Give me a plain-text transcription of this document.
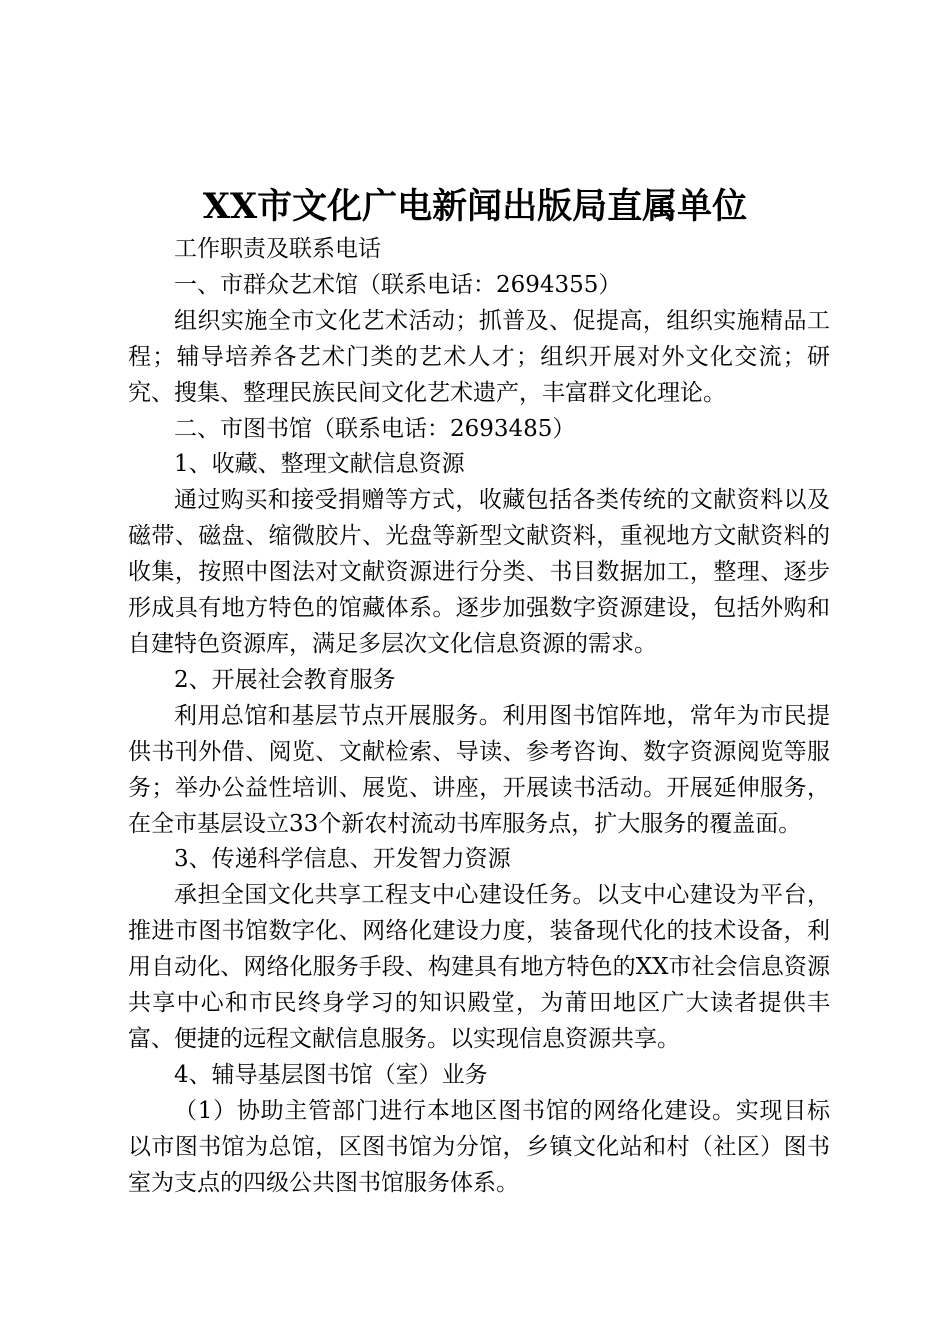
XX市文化广电新闻出版局直属单位

工作职责及联系电话

一、市群众艺术馆（联系电话：2694355）

组织实施全市文化艺术活动；抓普及、促提高，组织实施精品工程；辅导培养各艺术门类的艺术人才；组织开展对外文化交流；研究、搜集、整理民族民间文化艺术遗产，丰富群文化理论。

二、市图书馆（联系电话：2693485）

1、收藏、整理文献信息资源

通过购买和接受捐赠等方式，收藏包括各类传统的文献资料以及磁带、磁盘、缩微胶片、光盘等新型文献资料，重视地方文献资料的收集，按照中图法对文献资源进行分类、书目数据加工，整理、逐步形成具有地方特色的馆藏体系。逐步加强数字资源建设，包括外购和自建特色资源库，满足多层次文化信息资源的需求。

2、开展社会教育服务

利用总馆和基层节点开展服务。利用图书馆阵地，常年为市民提供书刊外借、阅览、文献检索、导读、参考咨询、数字资源阅览等服务；举办公益性培训、展览、讲座，开展读书活动。开展延伸服务，在全市基层设立33个新农村流动书库服务点，扩大服务的覆盖面。

3、传递科学信息、开发智力资源

承担全国文化共享工程支中心建设任务。以支中心建设为平台，推进市图书馆数字化、网络化建设力度，装备现代化的技术设备，利用自动化、网络化服务手段、构建具有地方特色的XX市社会信息资源共享中心和市民终身学习的知识殿堂，为莆田地区广大读者提供丰富、便捷的远程文献信息服务。以实现信息资源共享。

4、辅导基层图书馆（室）业务

（1）协助主管部门进行本地区图书馆的网络化建设。实现目标以市图书馆为总馆，区图书馆为分馆，乡镇文化站和村（社区）图书室为支点的四级公共图书馆服务体系。
